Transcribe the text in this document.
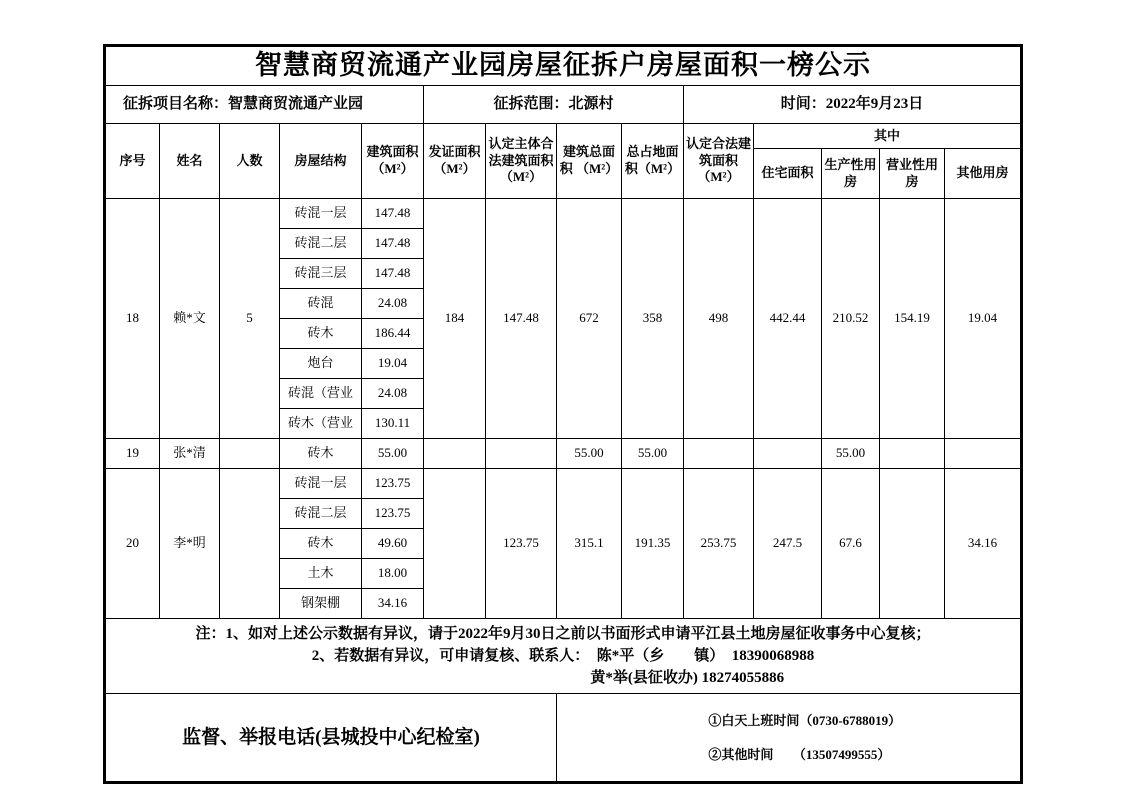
智慧商贸流通产业园房屋征拆户房屋面积一榜公示													
征拆项目名称：智慧商贸流通产业园					征拆范围：北源村				时间：2022年9月23日				
序号	姓名	人数	房屋结构	建筑面积（M²）	发证面积（M²）	认定主体合法建筑面积（M²）	建筑总面积 （M²）	总占地面积（M²）	认定合法建筑面积（M²）	其中			
										住宅面积	生产性用房	营业性用房	其他用房
18	赖*文	5	砖混一层	147.48	184	147.48	672	358	498	442.44	210.52	154.19	19.04
			砖混二层	147.48									
			砖混三层	147.48									
			砖混	24.08									
			砖木	186.44									
			炮台	19.04									
			砖混（营业	24.08									
			砖木（营业	130.11									
19	张*清		砖木	55.00			55.00	55.00			55.00		
20	李*明		砖混一层	123.75		123.75	315.1	191.35	253.75	247.5	67.6		34.16
			砖混二层	123.75									
			砖木	49.60									
			土木	18.00									
			钢架棚	34.16									

注：1、如对上述公示数据有异议，请于2022年9月30日之前以书面形式申请平江县土地房屋征收事务中心复核；
2、若数据有异议，可申请复核、联系人：　陈*平（乡　　镇）　18390068988
黄*举(县征收办) 18274055886													

监督、举报电话(县城投中心纪检室)							①白天上班时间（0730-6788019）

②其他时间　　（13507499555）						
